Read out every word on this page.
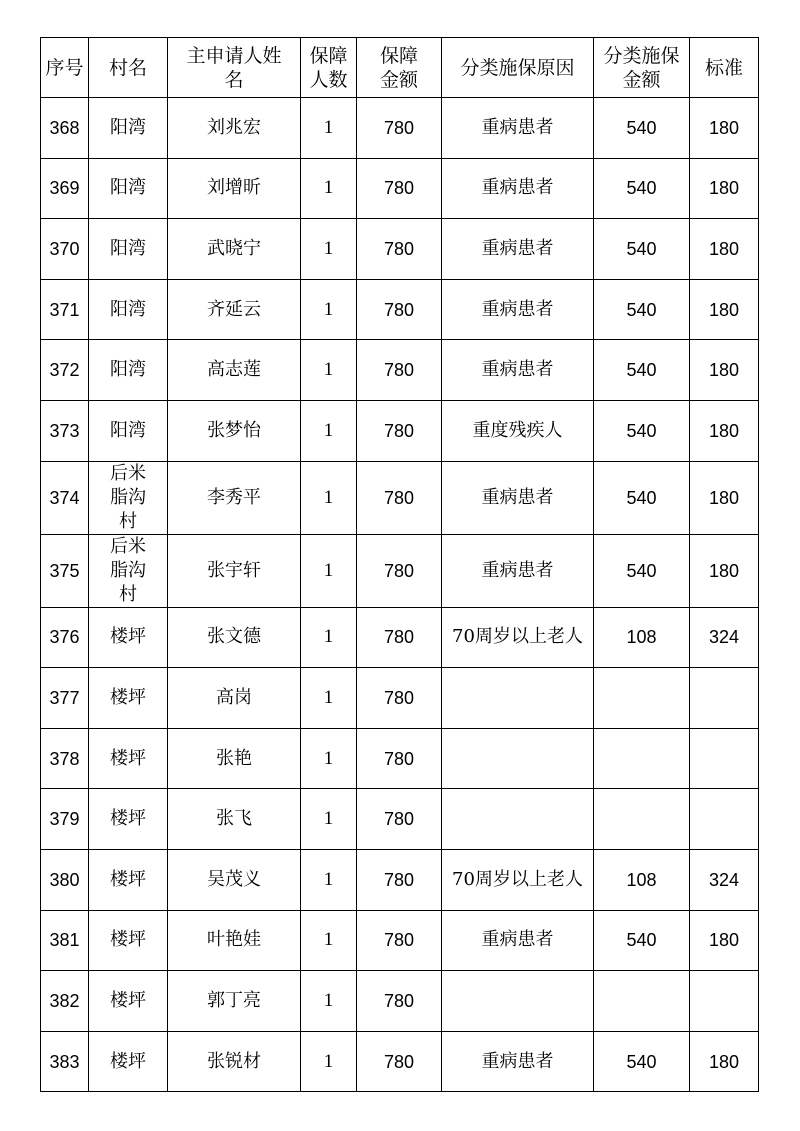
序号	村名	主申请人姓名	保障人数	保障金额	分类施保原因	分类施保金额	标准
368	阳湾	刘兆宏	1	780	重病患者	540	180
369	阳湾	刘增昕	1	780	重病患者	540	180
370	阳湾	武晓宁	1	780	重病患者	540	180
371	阳湾	齐延云	1	780	重病患者	540	180
372	阳湾	高志莲	1	780	重病患者	540	180
373	阳湾	张梦怡	1	780	重度残疾人	540	180
374	后米脂沟村	李秀平	1	780	重病患者	540	180
375	后米脂沟村	张宇轩	1	780	重病患者	540	180
376	楼坪	张文德	1	780	70周岁以上老人	108	324
377	楼坪	高岗	1	780			
378	楼坪	张艳	1	780			
379	楼坪	张飞	1	780			
380	楼坪	吴茂义	1	780	70周岁以上老人	108	324
381	楼坪	叶艳娃	1	780	重病患者	540	180
382	楼坪	郭丁亮	1	780			
383	楼坪	张锐材	1	780	重病患者	540	180
